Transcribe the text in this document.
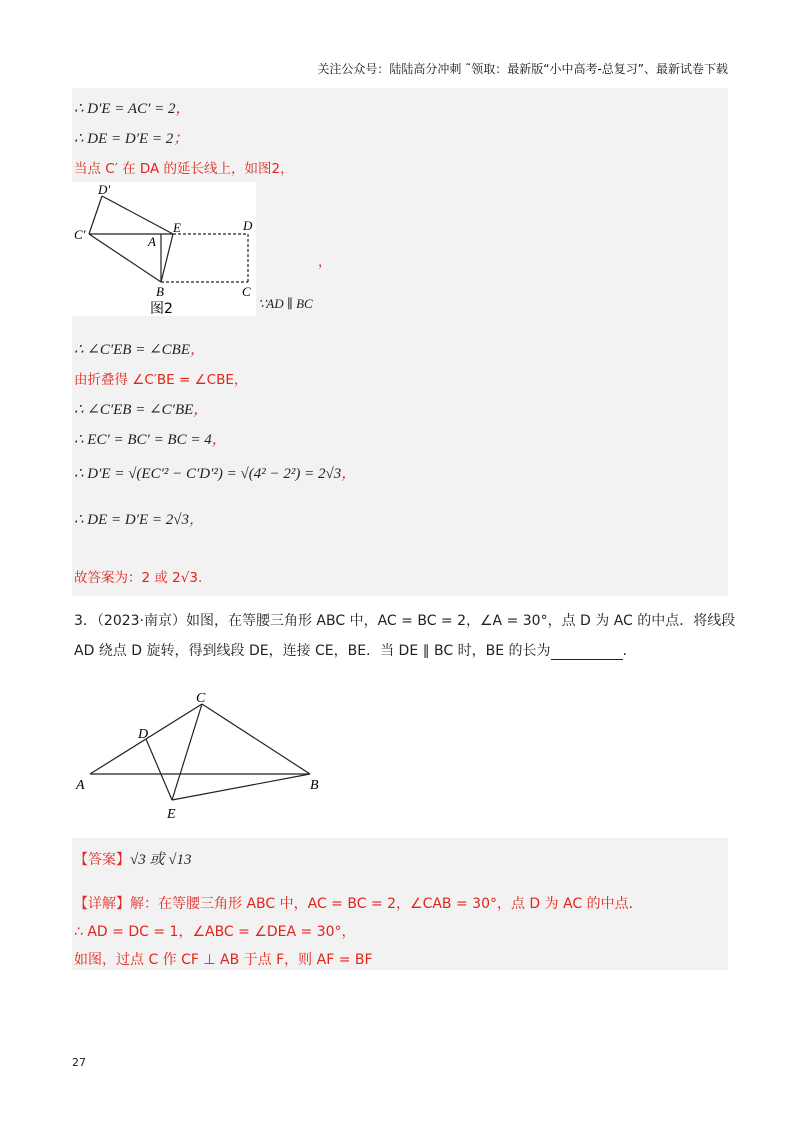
关注公众号：陆陆高分冲刺 ˜领取：最新版“小中高考-总复习”、最新试卷下载
∴ D′E = AC′ = 2，
∴ DE = D′E = 2；
当点 C′ 在 DA 的延长线上，如图2，
D′
C′	A
E	D
B	C
图2
，
∵AD ∥ BC
∴ ∠C′EB = ∠CBE，
由折叠得 ∠C′BE = ∠CBE，
∴ ∠C′EB = ∠C′BE，
∴ EC′ = BC′ = BC = 4，
∴ D′E = √(EC′² − C′D′²) = √(4² − 2²) = 2√3，
∴ DE = D′E = 2√3，
故答案为：2 或 2√3.
3．（2023·南京）如图，在等腰三角形 ABC 中，AC = BC = 2，∠A = 30°，点 D 为 AC 的中点．将线段
AD 绕点 D 旋转，得到线段 DE，连接 CE，BE．当 DE ∥ BC 时，BE 的长为	.
A
C
D
E
B
【答案】√3 或 √13
【详解】解：在等腰三角形 ABC 中，AC = BC = 2，∠CAB = 30°，点 D 为 AC 的中点．
∴ AD = DC = 1，∠ABC = ∠DEA = 30°，
如图，过点 C 作 CF ⊥ AB 于点 F，则 AF = BF
27
